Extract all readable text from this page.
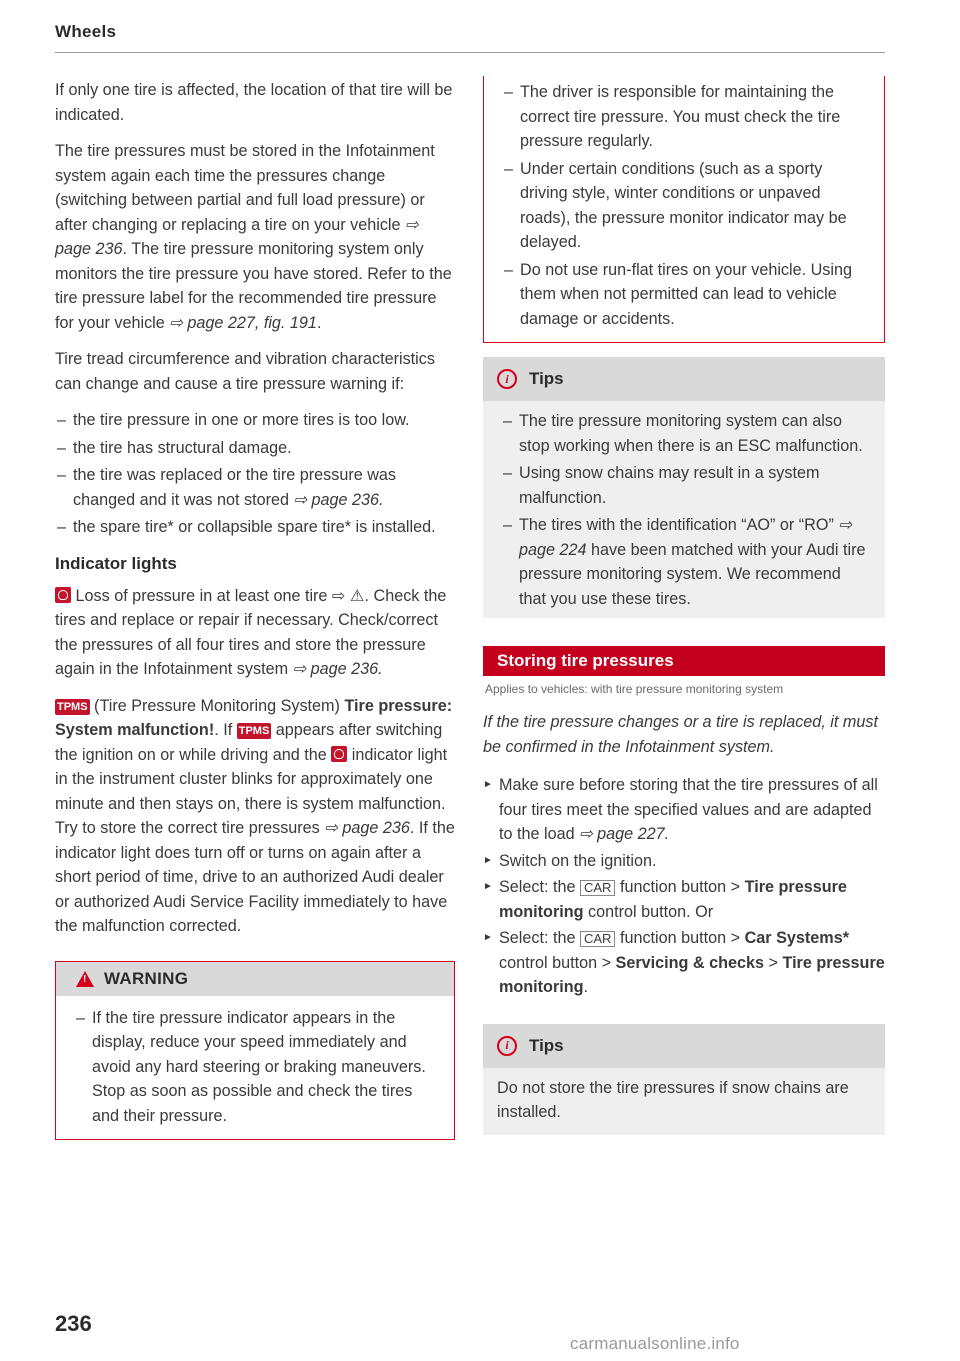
Wheels

If only one tire is affected, the location of that tire will be indicated.

The tire pressures must be stored in the Infotainment system again each time the pressures change (switching between partial and full load pressure) or after changing or replacing a tire on your vehicle ⇨ page 236. The tire pressure monitoring system only monitors the tire pressure you have stored. Refer to the tire pressure label for the recommended tire pressure for your vehicle ⇨ page 227, fig. 191.

Tire tread circumference and vibration characteristics can change and cause a tire pressure warning if:

– the tire pressure in one or more tires is too low.
– the tire has structural damage.
– the tire was replaced or the tire pressure was changed and it was not stored ⇨ page 236.
– the spare tire* or collapsible spare tire* is installed.
Indicator lights

Loss of pressure in at least one tire ⇨ ⚠. Check the tires and replace or repair if necessary. Check/correct the pressures of all four tires and store the pressure again in the Infotainment system ⇨ page 236.

TPMS (Tire Pressure Monitoring System) Tire pressure: System malfunction!. If TPMS appears after switching the ignition on or while driving and the
indicator light in the instrument cluster blinks for approximately one minute and then stays on, there is system malfunction. Try to store the correct tire pressures ⇨ page 236. If the indicator light does turn off or turns on again after a short period of time, drive to an authorized Audi dealer or authorized Audi Service Facility immediately to have the malfunction corrected.

! WARNING
– If the tire pressure indicator appears in the display, reduce your speed immediately and avoid any hard steering or braking maneuvers. Stop as soon as possible and check the tires and their pressure.
– The driver is responsible for maintaining the correct tire pressure. You must check the tire pressure regularly.
– Under certain conditions (such as a sporty driving style, winter conditions or unpaved roads), the pressure monitor indicator may be delayed.
– Do not use run-flat tires on your vehicle. Using them when not permitted can lead to vehicle damage or accidents.
i	Tips
– The tire pressure monitoring system can also stop working when there is an ESC malfunction.
– Using snow chains may result in a system malfunction.
– The tires with the identification “AO” or “RO” ⇨ page 224 have been matched with your Audi tire pressure monitoring system. We recommend that you use these tires.
Storing tire pressures
Applies to vehicles: with tire pressure monitoring system

If the tire pressure changes or a tire is replaced, it must be confirmed in the Infotainment system.

► Make sure before storing that the tire pressures of all four tires meet the specified values and are adapted to the load ⇨ page 227.
► Switch on the ignition.
► Select: the CAR function button > Tire pressure monitoring control button. Or
► Select: the CAR function button > Car Systems* control button > Servicing & checks > Tire pressure monitoring.
i	Tips

Do not store the tire pressures if snow chains are installed.

236
carmanualsonline.info
